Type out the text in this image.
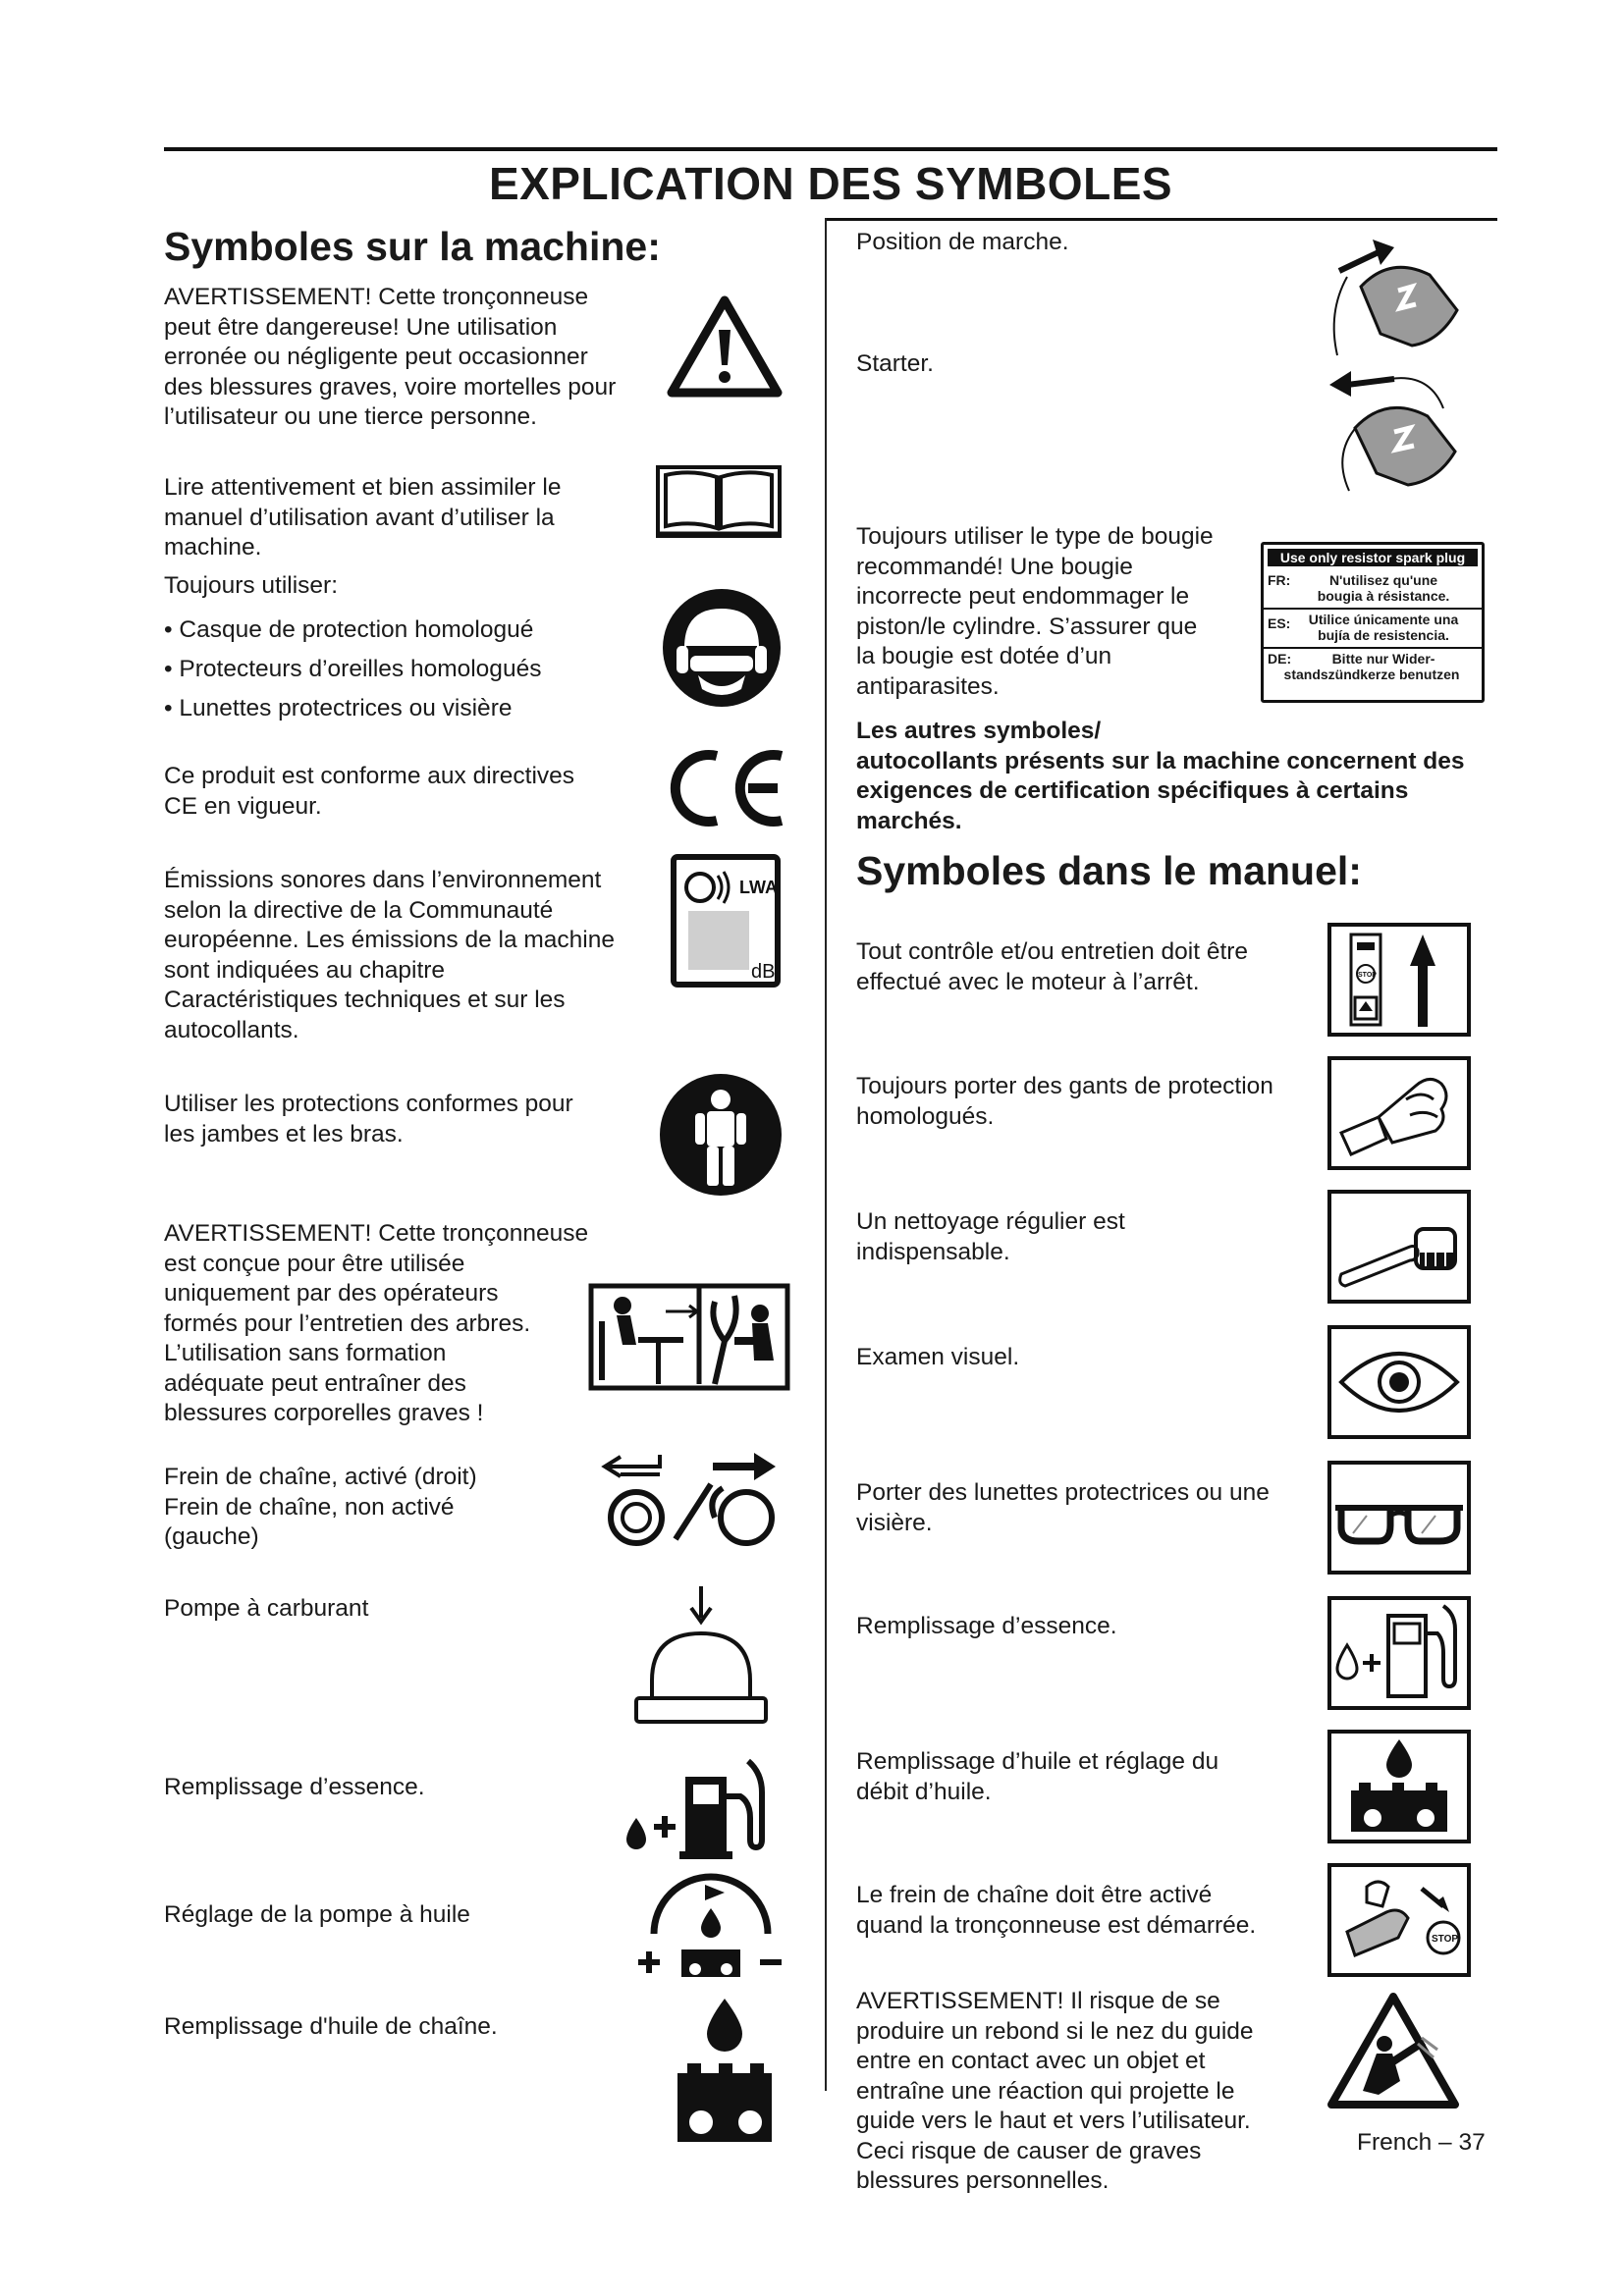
EXPLICATION DES SYMBOLES
Symboles sur la machine:
AVERTISSEMENT! Cette tronçonneuse
peut être dangereuse! Une utilisation
erronée ou négligente peut occasionner
des blessures graves, voire mortelles pour
l’utilisateur ou une tierce personne.
Lire attentivement et bien assimiler le
manuel d’utilisation avant d’utiliser la
machine.
Toujours utiliser:
• Casque de protection homologué
• Protecteurs d’oreilles homologués
• Lunettes protectrices ou visière
Ce produit est conforme aux directives
CE en vigueur.
Émissions sonores dans l’environnement
selon la directive de la Communauté
européenne. Les émissions de la machine
sont indiquées au chapitre
Caractéristiques techniques et sur les
autocollants.
LWA
dB
Utiliser les protections conformes pour
les jambes et les bras.
AVERTISSEMENT! Cette tronçonneuse
est conçue pour être utilisée
uniquement par des opérateurs
formés pour l’entretien des arbres.
L’utilisation sans formation
adéquate peut entraîner des
blessures corporelles graves !
Frein de chaîne, activé (droit)
Frein de chaîne, non activé
(gauche)
Pompe à carburant
Remplissage d’essence.
Réglage de la pompe à huile
Remplissage d'huile de chaîne.
Position de marche.
Starter.
Toujours utiliser le type de bougie
recommandé! Une bougie
incorrecte peut endommager le
piston/le cylindre. S’assurer que
la bougie est dotée d’un
antiparasites.
Use only resistor spark plug
FR:	N'utilisez qu'une
bougia à résistance.
ES:	Utilice únicamente una
bujía de resistencia.
DE:	Bitte nur Wider-
standszündkerze benutzen
Les autres symboles/
autocollants présents sur la machine concernent des
exigences de certification spécifiques à certains
marchés.
Symboles dans le manuel:
Tout contrôle et/ou entretien doit être
effectué avec le moteur à l’arrêt.	STOP
Toujours porter des gants de protection
homologués.
Un nettoyage régulier est
indispensable.
Examen visuel.
Porter des lunettes protectrices ou une
visière.
Remplissage d’essence.
Remplissage d’huile et réglage du
débit d’huile.
Le frein de chaîne doit être activé
quand la tronçonneuse est démarrée.
STOP
AVERTISSEMENT! Il risque de se
produire un rebond si le nez du guide
entre en contact avec un objet et
entraîne une réaction qui projette le
guide vers le haut et vers l’utilisateur.
Ceci risque de causer de graves
blessures personnelles.
French – 37
